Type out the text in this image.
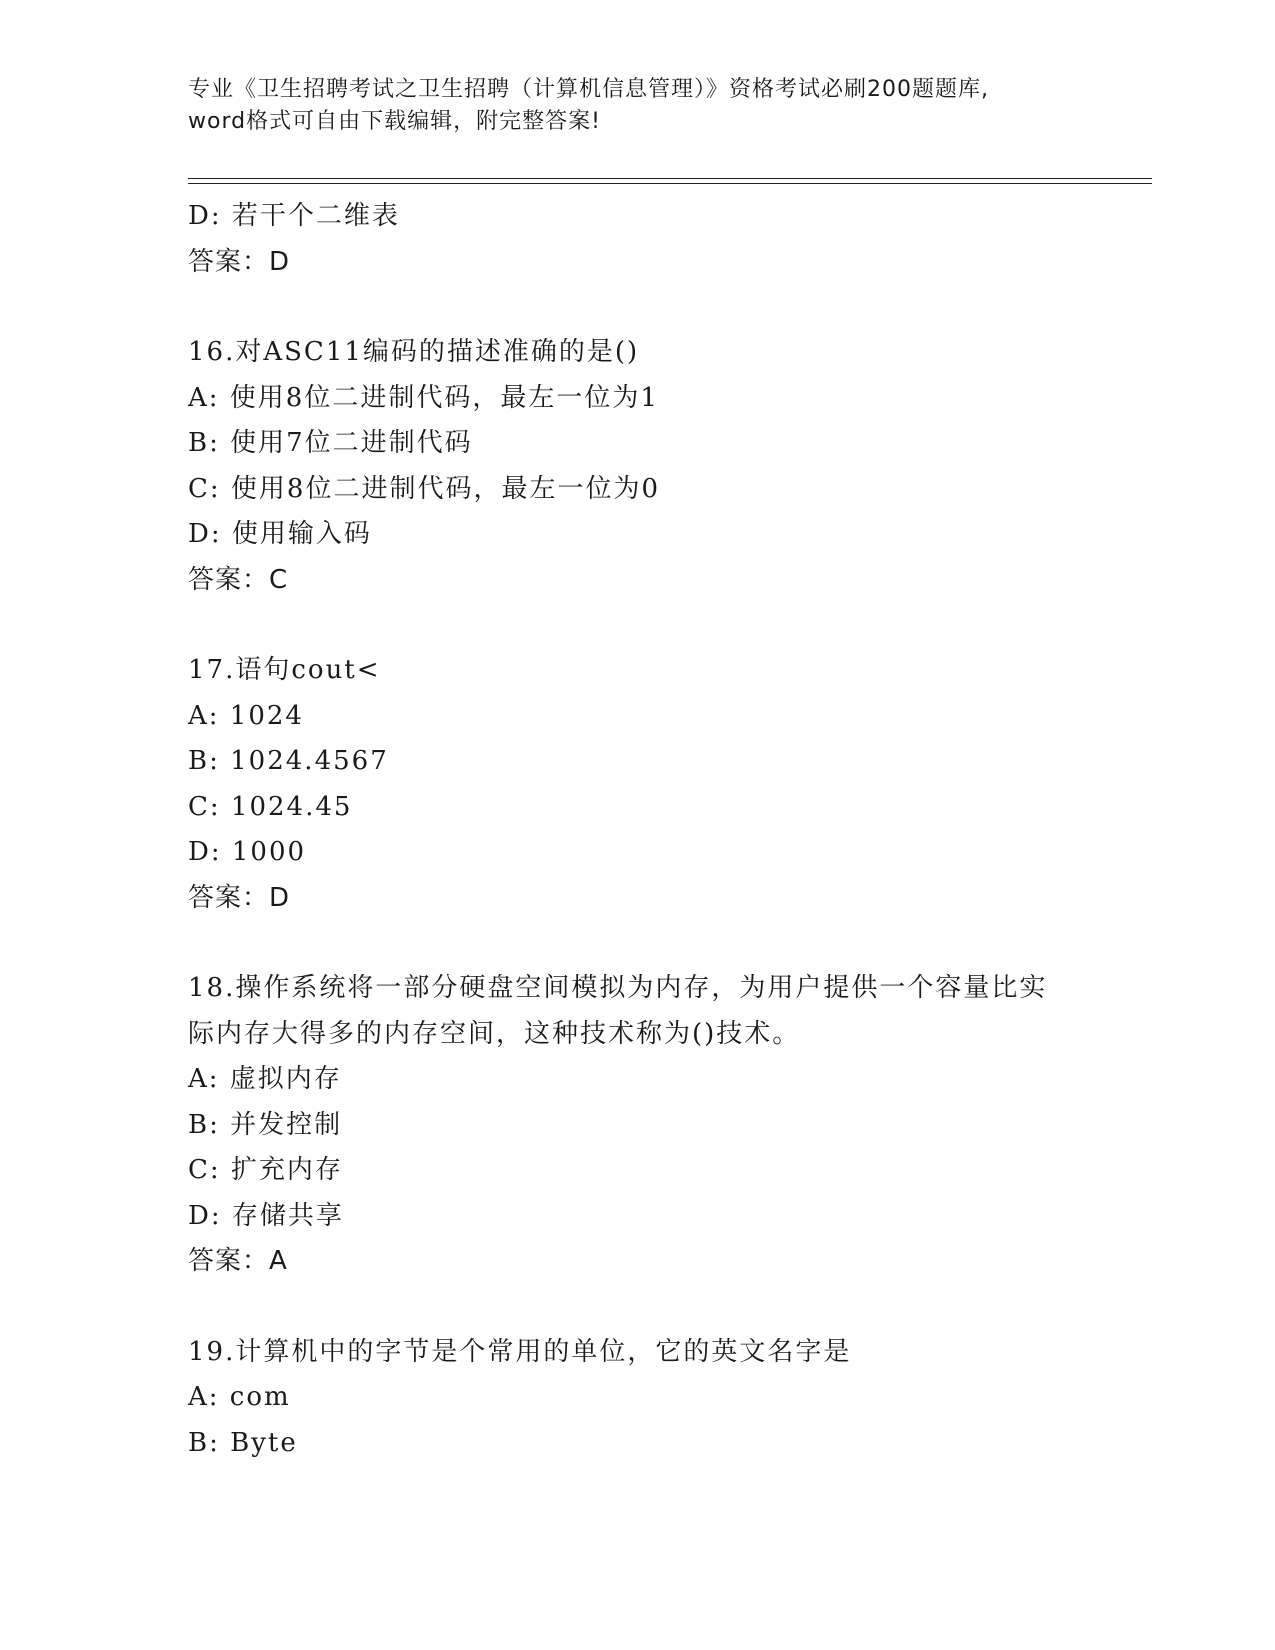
专业《卫生招聘考试之卫生招聘（计算机信息管理）》资格考试必刷200题题库,
word格式可自由下载编辑，附完整答案!
D: 若干个二维表
答案：D
16.对ASC11编码的描述准确的是()
A: 使用8位二进制代码，最左一位为1
B: 使用7位二进制代码
C: 使用8位二进制代码，最左一位为0
D: 使用输入码
答案：C
17.语句cout<
A: 1024
B: 1024.4567
C: 1024.45
D: 1000
答案：D
18.操作系统将一部分硬盘空间模拟为内存，为用户提供一个容量比实
际内存大得多的内存空间，这种技术称为()技术。
A: 虚拟内存
B: 并发控制
C: 扩充内存
D: 存储共享
答案：A
19.计算机中的字节是个常用的单位，它的英文名字是
A: com
B: Byte
